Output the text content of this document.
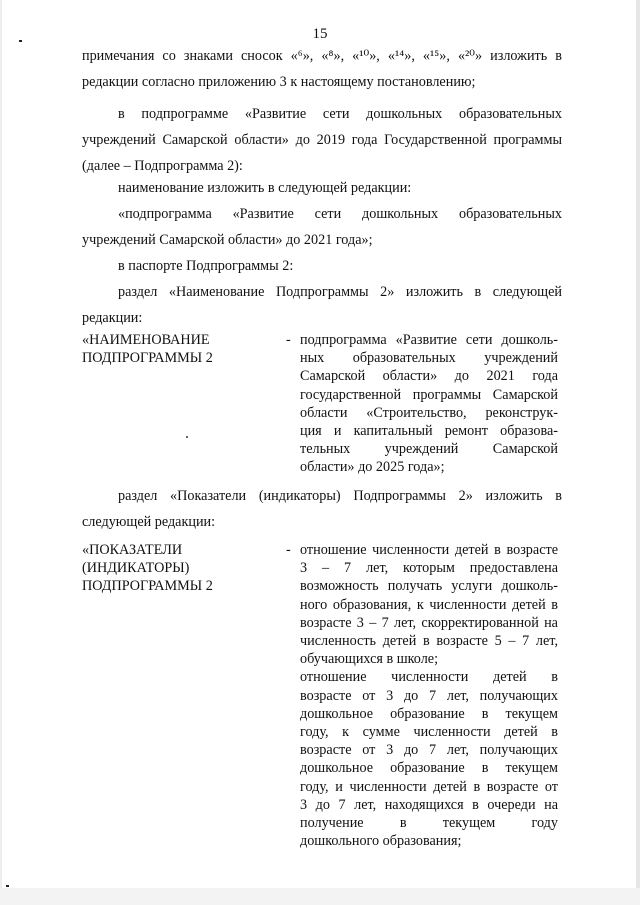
15

примечания со знаками сносок «⁶», «⁸», «¹⁰», «¹⁴», «¹⁵», «²⁰» изложить в

редакции согласно приложению 3 к настоящему постановлению;

в подпрограмме «Развитие сети дошкольных образовательных

учреждений Самарской области» до 2019 года Государственной программы

(далее – Подпрограмма 2):

наименование изложить в следующей редакции:

«подпрограмма «Развитие сети дошкольных образовательных

учреждений Самарской области» до 2021 года»;

в паспорте Подпрограммы 2:

раздел «Наименование Подпрограммы 2» изложить в следующей

редакции:

«НАИМЕНОВАНИЕ
ПОДПРОГРАММЫ 2

- подпрограмма «Развитие сети дошколь-
ных образовательных учреждений
Самарской области» до 2021 года
государственной программы Самарской
области «Строительство, реконструк-
ция и капитальный ремонт образова-
тельных учреждений Самарской
области» до 2025 года»;

раздел «Показатели (индикаторы) Подпрограммы 2» изложить в

следующей редакции:

«ПОКАЗАТЕЛИ
(ИНДИКАТОРЫ)
ПОДПРОГРАММЫ 2

- отношение численности детей в возрасте
3 – 7 лет, которым предоставлена
возможность получать услуги дошколь-
ного образования, к численности детей в
возрасте 3 – 7 лет, скорректированной на
численность детей в возрасте 5 – 7 лет,
обучающихся в школе;
отношение численности детей в
возрасте от 3 до 7 лет, получающих
дошкольное образование в текущем
году, к сумме численности детей в
возрасте от 3 до 7 лет, получающих
дошкольное образование в текущем
году, и численности детей в возрасте от
3 до 7 лет, находящихся в очереди на
получение в текущем году
дошкольного образования;
